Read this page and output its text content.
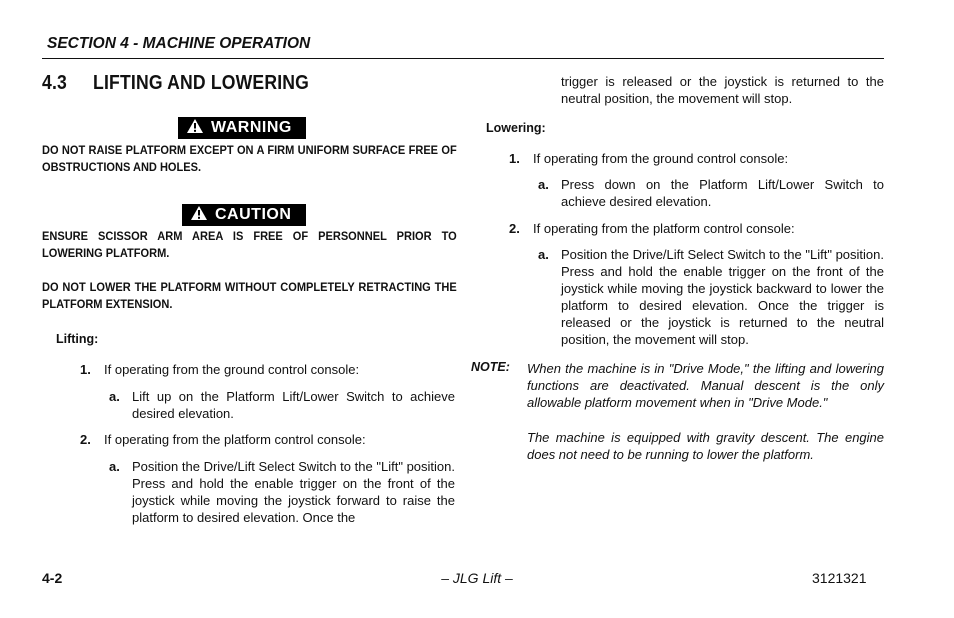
SECTION 4 - MACHINE OPERATION
4.3 LIFTING AND LOWERING
WARNING
DO NOT RAISE PLATFORM EXCEPT ON A FIRM UNIFORM SURFACE FREE OF OBSTRUCTIONS AND HOLES.
CAUTION
ENSURE SCISSOR ARM AREA IS FREE OF PERSONNEL PRIOR TO LOWERING PLATFORM.
DO NOT LOWER THE PLATFORM WITHOUT COMPLETELY RETRACTING THE PLATFORM EXTENSION.
Lifting:
1.	If operating from the ground control console:
a. Lift up on the Platform Lift/Lower Switch to achieve desired elevation.
2.	If operating from the platform control console:
a. Position the Drive/Lift Select Switch to the "Lift" position. Press and hold the enable trigger on the front of the joystick while moving the joystick forward to raise the platform to desired elevation. Once the
trigger is released or the joystick is returned to the neutral position, the movement will stop.
Lowering:
1.	If operating from the ground control console:
a. Press down on the Platform Lift/Lower Switch to achieve desired elevation.
2.	If operating from the platform control console:
a. Position the Drive/Lift Select Switch to the "Lift" position. Press and hold the enable trigger on the front of the joystick while moving the joystick backward to lower the platform to desired elevation. Once the trigger is released or the joystick is returned to the neutral position, the movement will stop.
NOTE: When the machine is in "Drive Mode," the lifting and lowering functions are deactivated. Manual descent is the only allowable platform movement when in "Drive Mode."
The machine is equipped with gravity descent. The engine does not need to be running to lower the platform.
4-2	– JLG Lift –	3121321
